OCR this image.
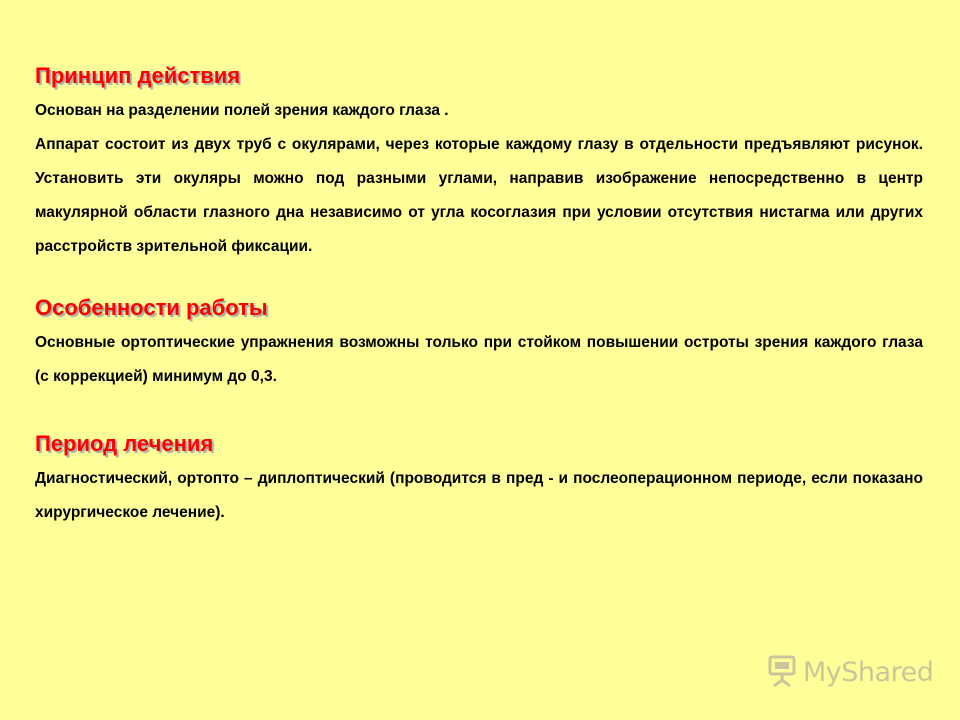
Принцип действия

Основан на разделении полей зрения каждого глаза .

Аппарат состоит из двух труб с окулярами, через которые каждому глазу в отдельности предъявляют рисунок. Установить эти окуляры можно под разными углами, направив изображение непосредственно в центр макулярной области глазного дна независимо от угла косоглазия при условии отсутствия нистагма или других расстройств зрительной фиксации.

Особенности работы

Основные ортоптические упражнения возможны только при стойком повышении остроты зрения каждого глаза (с коррекцией) минимум до 0,3.

Период лечения

Диагностический, ортопто – диплоптический (проводится в пред - и послеоперационном периоде, если показано хирургическое лечение).

MyShared
